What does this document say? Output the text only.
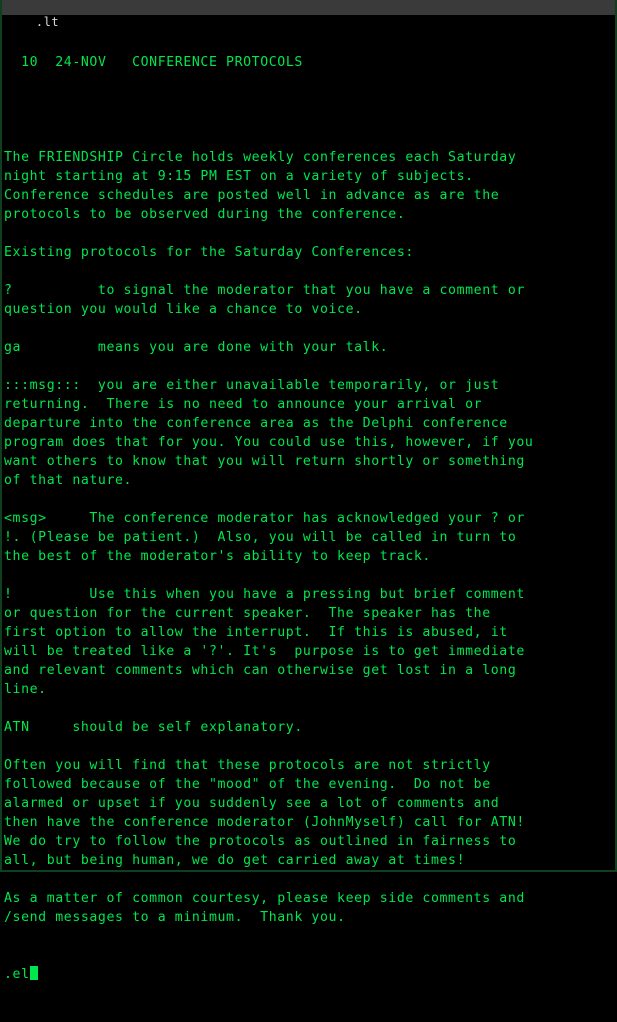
.lt

10  24-NOV   CONFERENCE PROTOCOLS

The FRIENDSHIP Circle holds weekly conferences each Saturday
night starting at 9:15 PM EST on a variety of subjects.
Conference schedules are posted well in advance as are the
protocols to be observed during the conference.
Existing protocols for the Saturday Conferences:
?          to signal the moderator that you have a comment or
question you would like a chance to voice.
ga         means you are done with your talk.
:::msg:::  you are either unavailable temporarily, or just
returning.  There is no need to announce your arrival or
departure into the conference area as the Delphi conference
program does that for you. You could use this, however, if you
want others to know that you will return shortly or something
of that nature.
<msg>     The conference moderator has acknowledged your ? or
!. (Please be patient.)  Also, you will be called in turn to
the best of the moderator's ability to keep track.
!         Use this when you have a pressing but brief comment
or question for the current speaker.  The speaker has the
first option to allow the interrupt.  If this is abused, it
will be treated like a '?'. It's  purpose is to get immediate
and relevant comments which can otherwise get lost in a long
line.
ATN     should be self explanatory.
Often you will find that these protocols are not strictly
followed because of the "mood" of the evening.  Do not be
alarmed or upset if you suddenly see a lot of comments and
then have the conference moderator (JohnMyself) call for ATN!
We do try to follow the protocols as outlined in fairness to
all, but being human, we do get carried away at times!
As a matter of common courtesy, please keep side comments and
/send messages to a minimum.  Thank you.

.el
